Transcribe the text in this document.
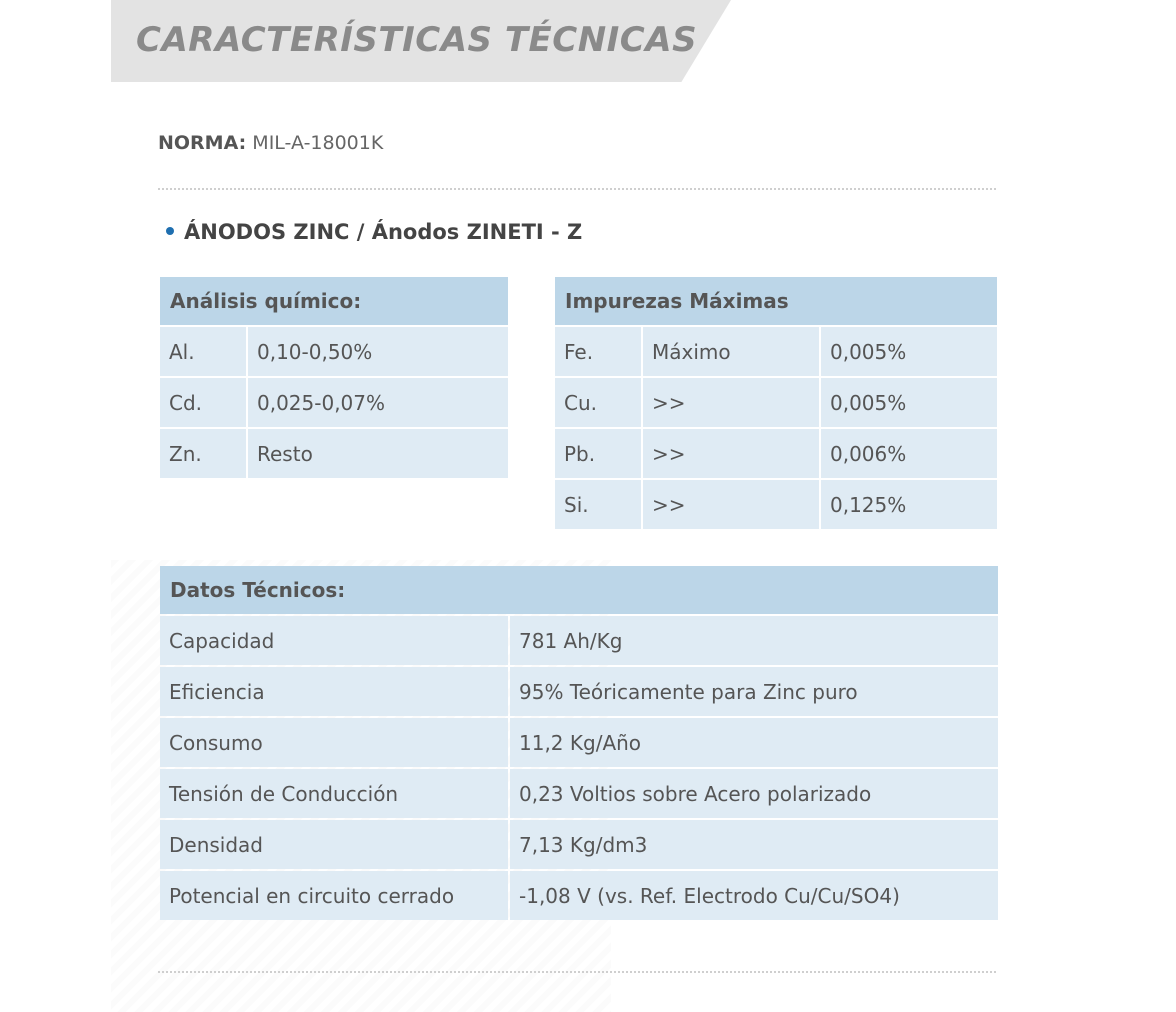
CARACTERÍSTICAS TÉCNICAS
NORMA: MIL-A-18001K
ÁNODOS ZINC / Ánodos ZINETI - Z
Análisis químico:	
Al.	0,10-0,50%
Cd.	0,025-0,07%
Zn.	Resto
Impurezas Máximas		
Fe.	Máximo	0,005%
Cu.	>>	0,005%
Pb.	>>	0,006%
Si.	>>	0,125%
Datos Técnicos:	
Capacidad	781 Ah/Kg
Eficiencia	95% Teóricamente para Zinc puro
Consumo	11,2 Kg/Año
Tensión de Conducción	0,23 Voltios sobre Acero polarizado
Densidad	7,13 Kg/dm3
Potencial en circuito cerrado	-1,08 V (vs. Ref. Electrodo Cu/Cu/SO4)
